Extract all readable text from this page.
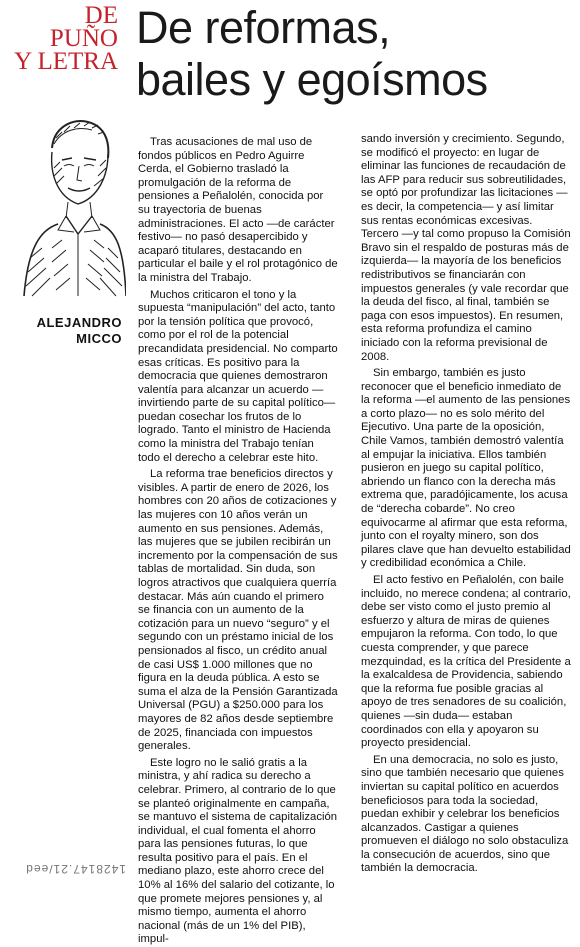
DE
PUÑO
Y LETRA
De reformas,
bailes y egoísmos
ALEJANDRO
MICCO

Tras acusaciones de mal uso de fondos públicos en Pedro Aguirre Cerda, el Gobierno trasladó la promulgación de la reforma de pensiones a Peñalolén, conocida por su trayectoria de buenas administraciones. El acto —de carácter festivo— no pasó desapercibido y acaparó titulares, destacando en particular el baile y el rol protagónico de la ministra del Trabajo.

Muchos criticaron el tono y la supuesta “manipulación” del acto, tanto por la tensión política que provocó, como por el rol de la potencial precandidata presidencial. No comparto esas críticas. Es positivo para la democracia que quienes demostraron valentía para alcanzar un acuerdo —invirtiendo parte de su capital político— puedan cosechar los frutos de lo logrado. Tanto el ministro de Hacienda como la ministra del Trabajo tenían todo el derecho a celebrar este hito.

La reforma trae beneficios directos y visibles. A partir de enero de 2026, los hombres con 20 años de cotizaciones y las mujeres con 10 años verán un aumento en sus pensiones. Además, las mujeres que se jubilen recibirán un incremento por la compensación de sus tablas de mortalidad. Sin duda, son logros atractivos que cualquiera querría destacar. Más aún cuando el primero se financia con un aumento de la cotización para un nuevo “seguro” y el segundo con un préstamo inicial de los pensionados al fisco, un crédito anual de casi US$ 1.000 millones que no figura en la deuda pública. A esto se suma el alza de la Pensión Garantizada Universal (PGU) a $250.000 para los mayores de 82 años desde septiembre de 2025, financiada con impuestos generales.

Este logro no le salió gratis a la ministra, y ahí radica su derecho a celebrar. Primero, al contrario de lo que se planteó originalmente en campaña, se mantuvo el sistema de capitalización individual, el cual fomenta el ahorro para las pensiones futuras, lo que resulta positivo para el país. En el mediano plazo, este ahorro crece del 10% al 16% del salario del cotizante, lo que promete mejores pensiones y, al mismo tiempo, aumenta el ahorro nacional (más de un 1% del PIB), impul-

sando inversión y crecimiento. Segundo, se modificó el proyecto: en lugar de eliminar las funciones de recaudación de las AFP para reducir sus sobreutilidades, se optó por profundizar las licitaciones —es decir, la competencia— y así limitar sus rentas económicas excesivas. Tercero —y tal como propuso la Comisión Bravo sin el respaldo de posturas más de izquierda— la mayoría de los beneficios redistributivos se financiarán con impuestos generales (y vale recordar que la deuda del fisco, al final, también se paga con esos impuestos). En resumen, esta reforma profundiza el camino iniciado con la reforma previsional de 2008.

Sin embargo, también es justo reconocer que el beneficio inmediato de la reforma —el aumento de las pensiones a corto plazo— no es solo mérito del Ejecutivo. Una parte de la oposición, Chile Vamos, también demostró valentía al empujar la iniciativa. Ellos también pusieron en juego su capital político, abriendo un flanco con la derecha más extrema que, paradójicamente, los acusa de “derecha cobarde”. No creo equivocarme al afirmar que esta reforma, junto con el royalty minero, son dos pilares clave que han devuelto estabilidad y credibilidad económica a Chile.

El acto festivo en Peñalolén, con baile incluido, no merece condena; al contrario, debe ser visto como el justo premio al esfuerzo y altura de miras de quienes empujaron la reforma. Con todo, lo que cuesta comprender, y que parece mezquindad, es la crítica del Presidente a la exalcaldesa de Providencia, sabiendo que la reforma fue posible gracias al apoyo de tres senadores de su coalición, quienes —sin duda— estaban coordinados con ella y apoyaron su proyecto presidencial.

En una democracia, no solo es justo, sino que también necesario que quienes inviertan su capital político en acuerdos beneficiosos para toda la sociedad, puedan exhibir y celebrar los beneficios alcanzados. Castigar a quienes promueven el diálogo no solo obstaculiza la consecución de acuerdos, sino que también la democracia.

1428147.21/eed
